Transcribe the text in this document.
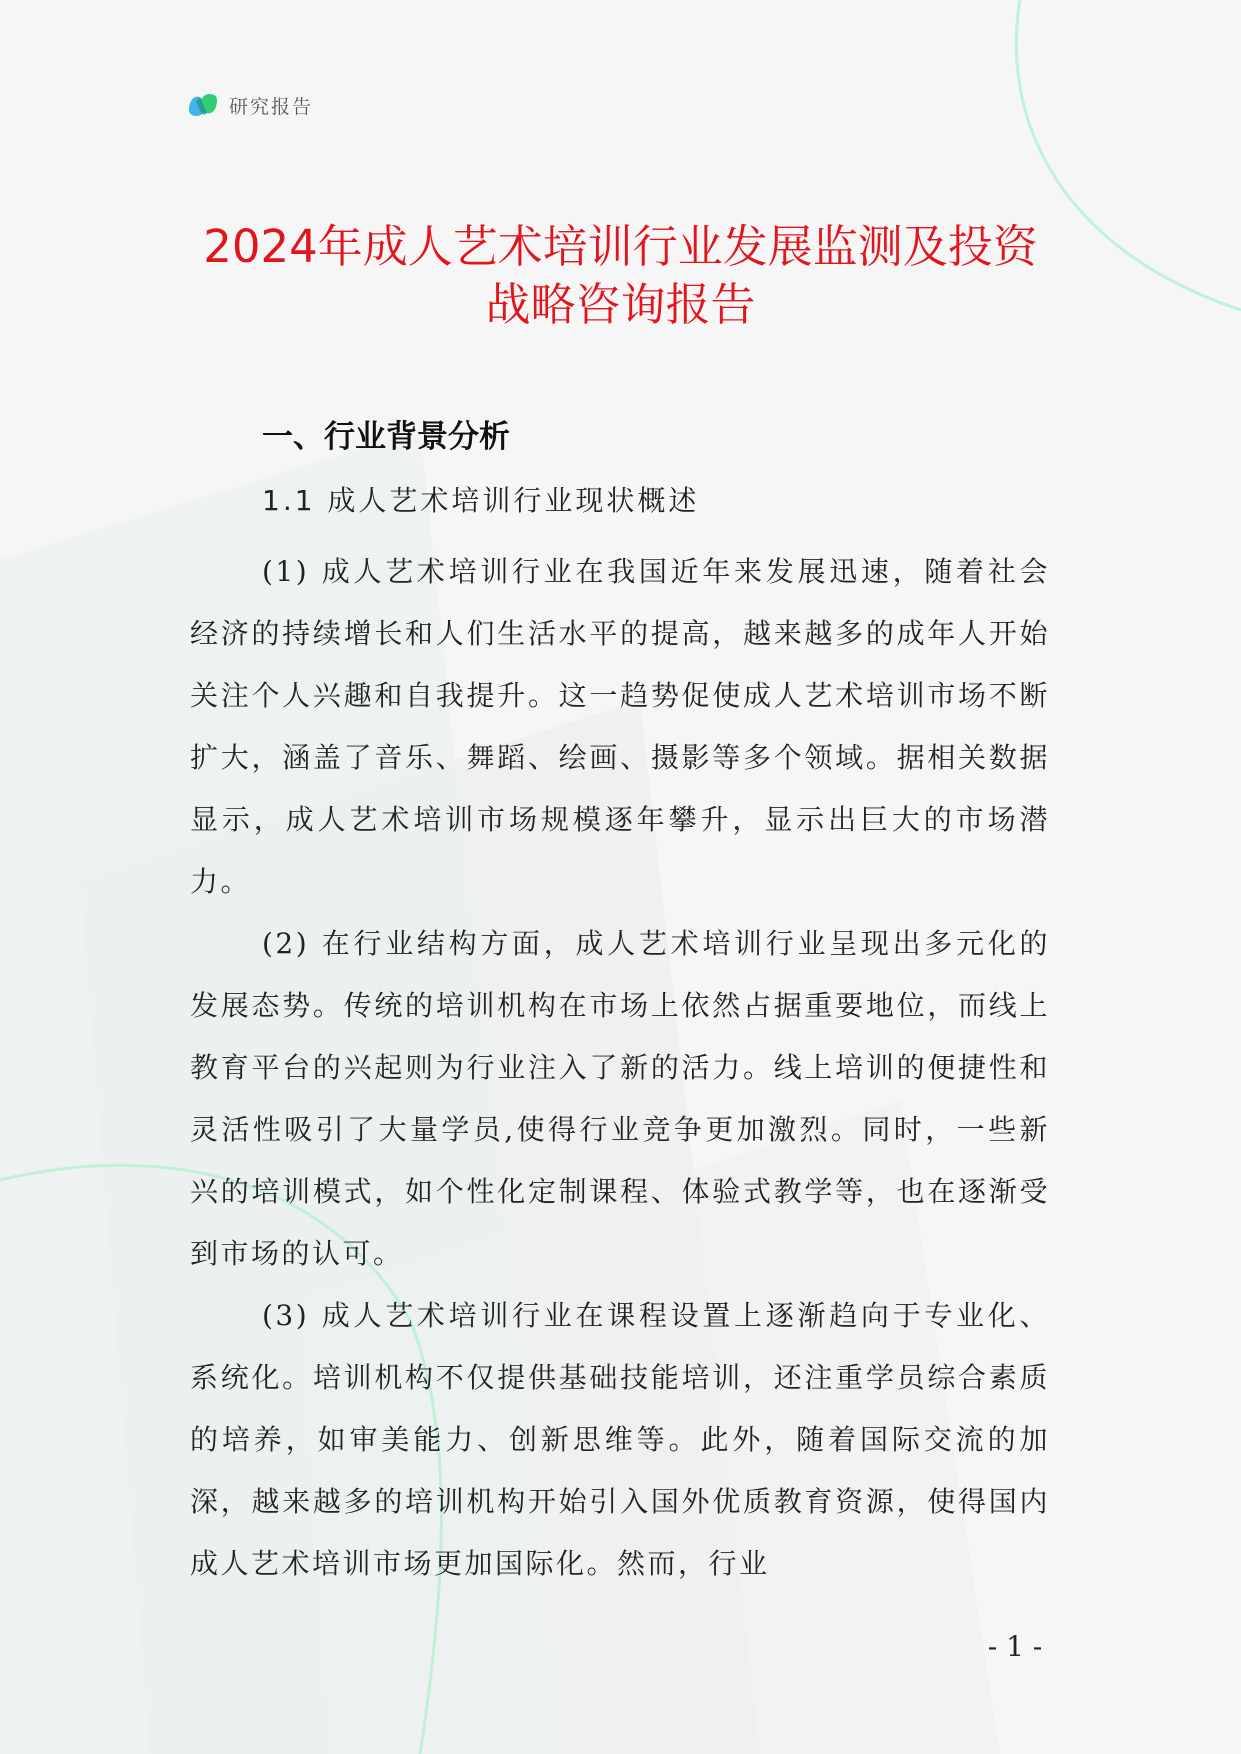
研究报告
2024年成人艺术培训行业发展监测及投资
战略咨询报告
一、行业背景分析
1.1 成人艺术培训行业现状概述

(1) 成人艺术培训行业在我国近年来发展迅速，随着社会经济的持续增长和人们生活水平的提高，越来越多的成年人开始关注个人兴趣和自我提升。这一趋势促使成人艺术培训市场不断扩大，涵盖了音乐、舞蹈、绘画、摄影等多个领域。据相关数据显示，成人艺术培训市场规模逐年攀升，显示出巨大的市场潜力。

(2) 在行业结构方面，成人艺术培训行业呈现出多元化的发展态势。传统的培训机构在市场上依然占据重要地位，而线上教育平台的兴起则为行业注入了新的活力。线上培训的便捷性和灵活性吸引了大量学员,使得行业竞争更加激烈。同时，一些新兴的培训模式，如个性化定制课程、体验式教学等，也在逐渐受到市场的认可。

(3) 成人艺术培训行业在课程设置上逐渐趋向于专业化、系统化。培训机构不仅提供基础技能培训，还注重学员综合素质的培养，如审美能力、创新思维等。此外，随着国际交流的加深，越来越多的培训机构开始引入国外优质教育资源，使得国内成人艺术培训市场更加国际化。然而，行业

- 1 -
